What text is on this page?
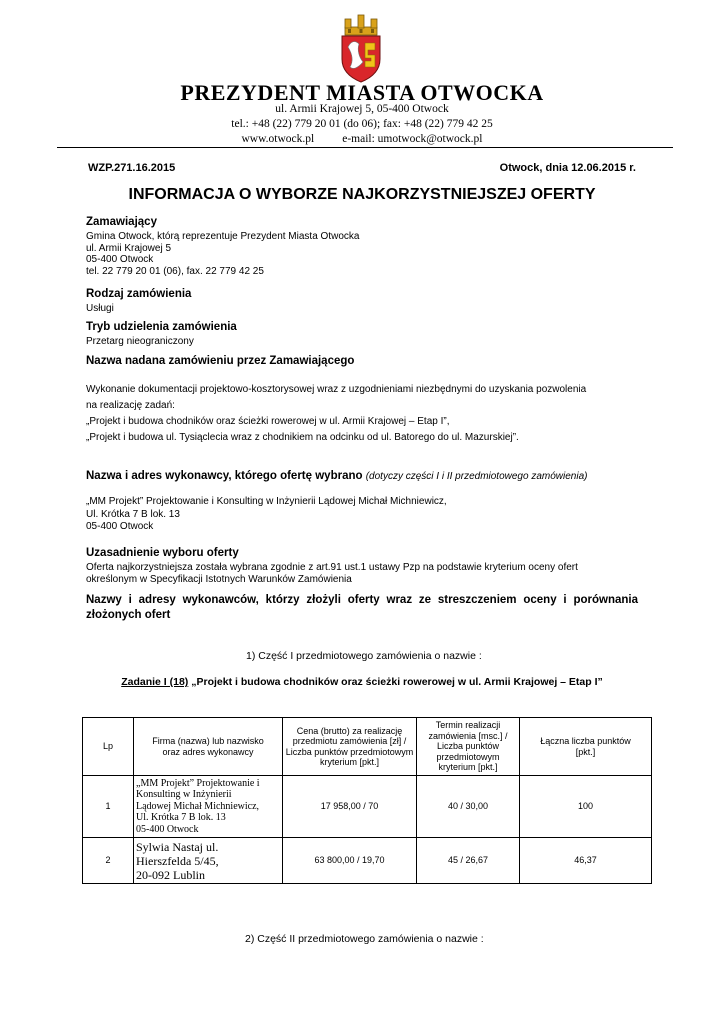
PREZYDENT MIASTA OTWOCKA
ul. Armii Krajowej 5, 05-400 Otwock
tel.: +48 (22) 779 20 01 (do 06); fax: +48 (22) 779 42 25
www.otwock.pl e-mail: umotwock@otwock.pl
WZP.271.16.2015	Otwock, dnia 12.06.2015 r.
INFORMACJA O WYBORZE NAJKORZYSTNIEJSZEJ OFERTY
Zamawiający
Gmina Otwock, którą reprezentuje Prezydent Miasta Otwocka
ul. Armii Krajowej 5
05-400 Otwock
tel. 22 779 20 01 (06), fax. 22 779 42 25
Rodzaj zamówienia
Usługi
Tryb udzielenia zamówienia
Przetarg nieograniczony
Nazwa nadana zamówieniu przez Zamawiającego
Wykonanie dokumentacji projektowo-kosztorysowej wraz z uzgodnieniami niezbędnymi do uzyskania pozwolenia
na realizację zadań:
„Projekt i budowa chodników oraz ścieżki rowerowej w ul. Armii Krajowej – Etap I”,
„Projekt i budowa ul. Tysiąclecia wraz z chodnikiem na odcinku od ul. Batorego do ul. Mazurskiej”.
Nazwa i adres wykonawcy, którego ofertę wybrano (dotyczy części I i II przedmiotowego zamówienia)
„MM Projekt” Projektowanie i Konsulting w Inżynierii Lądowej Michał Michniewicz,
Ul. Krótka 7 B lok. 13
05-400 Otwock
Uzasadnienie wyboru oferty
Oferta najkorzystniejsza została wybrana zgodnie z art.91 ust.1 ustawy Pzp na podstawie kryterium oceny ofert
określonym w Specyfikacji Istotnych Warunków Zamówienia
Nazwy i adresy wykonawców, którzy złożyli oferty wraz ze streszczeniem oceny i porównania złożonych ofert
1) Część I przedmiotowego zamówienia o nazwie :
Zadanie I (18) „Projekt i budowa chodników oraz ścieżki rowerowej w ul. Armii Krajowej – Etap I”
Lp	Firma (nazwa) lub nazwisko oraz adres wykonawcy	Cena (brutto) za realizację przedmiotu zamówienia [zł] / Liczba punktów przedmiotowym kryterium [pkt.]	Termin realizacji zamówienia [msc.] / Liczba punktów przedmiotowym kryterium [pkt.]	Łączna liczba punktów [pkt.]
1	„MM Projekt” Projektowanie i
Konsulting w Inżynierii
Lądowej Michał Michniewicz,
Ul. Krótka 7 B lok. 13
05-400 Otwock	17 958,00 / 70	40 / 30,00	100
2	Sylwia Nastaj ul.
Hierszfelda 5/45,
20-092 Lublin	63 800,00 / 19,70	45 / 26,67	46,37
2) Część II przedmiotowego zamówienia o nazwie :
